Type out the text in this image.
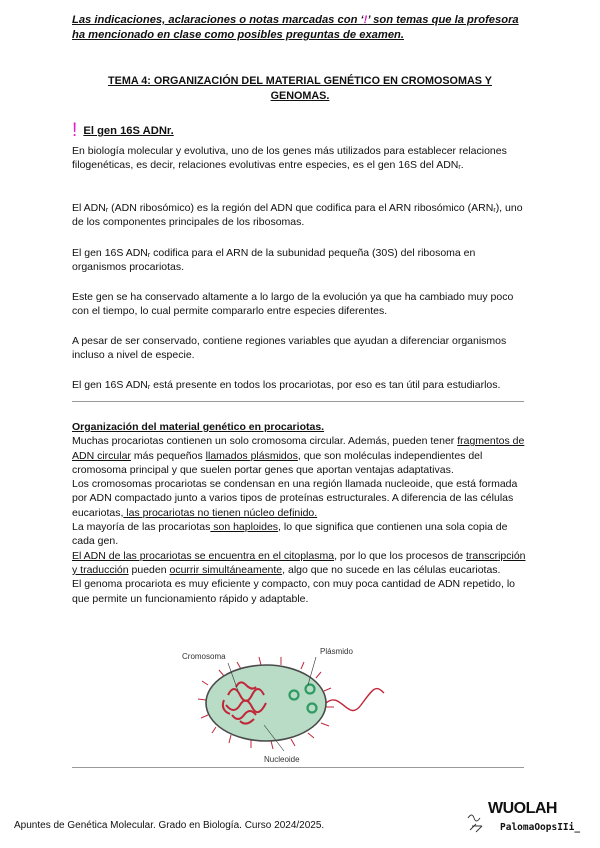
Las indicaciones, aclaraciones o notas marcadas con ‘!’ son temas que la profesora ha mencionado en clase como posibles preguntas de examen.
TEMA 4: ORGANIZACIÓN DEL MATERIAL GENÉTICO EN CROMOSOMAS Y GENOMAS.
! El gen 16S ADNr.

En biología molecular y evolutiva, uno de los genes más utilizados para establecer relaciones filogenéticas, es decir, relaciones evolutivas entre especies, es el gen 16S del ADNr.

El ADNr (ADN ribosómico) es la región del ADN que codifica para el ARN ribosómico (ARNr), uno de los componentes principales de los ribosomas.

El gen 16S ADNr codifica para el ARN de la subunidad pequeña (30S) del ribosoma en organismos procariotas.

Este gen se ha conservado altamente a lo largo de la evolución ya que ha cambiado muy poco con el tiempo, lo cual permite compararlo entre especies diferentes.

A pesar de ser conservado, contiene regiones variables que ayudan a diferenciar organismos incluso a nivel de especie.

El gen 16S ADNr está presente en todos los procariotas, por eso es tan útil para estudiarlos.

Organización del material genético en procariotas.
Muchas procariotas contienen un solo cromosoma circular. Además, pueden tener fragmentos de ADN circular más pequeños llamados plásmidos, que son moléculas independientes del cromosoma principal y que suelen portar genes que aportan ventajas adaptativas.
Los cromosomas procariotas se condensan en una región llamada nucleoide, que está formada por ADN compactado junto a varios tipos de proteínas estructurales. A diferencia de las células eucariotas, las procariotas no tienen núcleo definido.
La mayoría de las procariotas son haploides, lo que significa que contienen una sola copia de cada gen.
El ADN de las procariotas se encuentra en el citoplasma, por lo que los procesos de transcripción y traducción pueden ocurrir simultáneamente, algo que no sucede en las células eucariotas.
El genoma procariota es muy eficiente y compacto, con muy poca cantidad de ADN repetido, lo que permite un funcionamiento rápido y adaptable.
Cromosoma
Plásmido
Nucleoide
Apuntes de Genética Molecular. Grado en Biología. Curso 2024/2025.
WUOLAH
PalomaOopsIIi_
